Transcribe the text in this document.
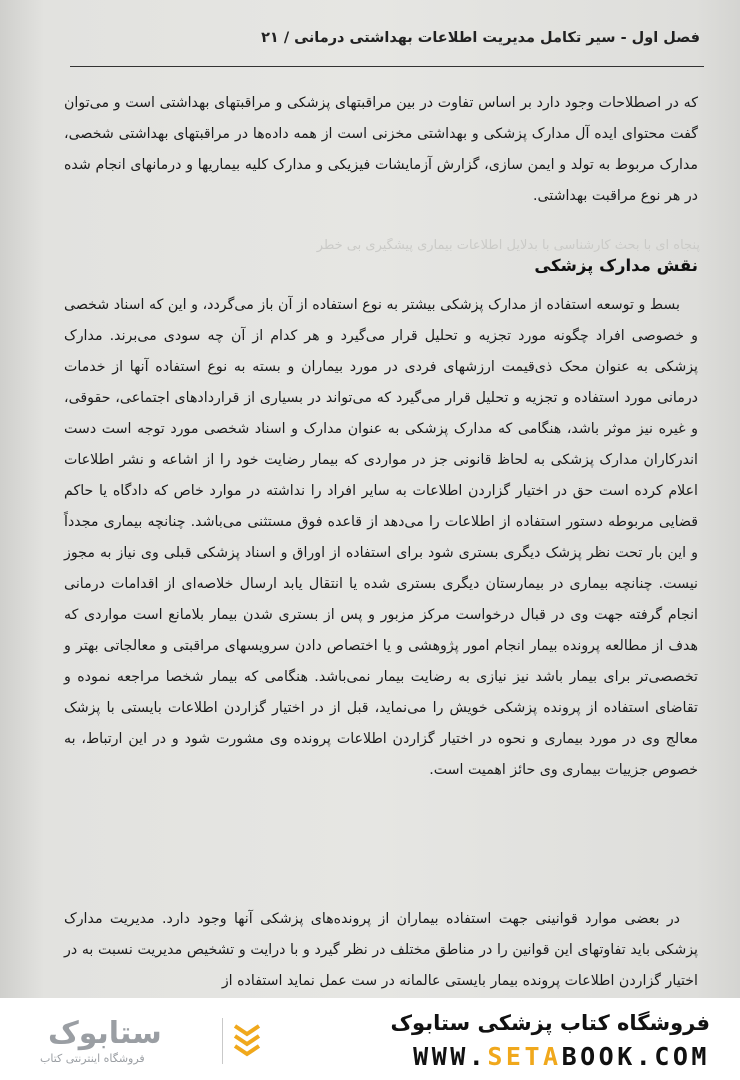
فصل اول - سیر تکامل مدیریت اطلاعات بهداشتی درمانی / ۲۱

که در اصطلاحات وجود دارد بر اساس تفاوت در بین مراقبتهای پزشکی و مراقبتهای بهداشتی است و می‌توان گفت محتوای ایده آل مدارک پزشکی و بهداشتی مخزنی است از همه داده‌ها در مراقبتهای بهداشتی شخصی، مدارک مربوط به تولد و ایمن سازی، گزارش آزمایشات فیزیکی و مدارک کلیه بیماریها و درمانهای انجام شده در هر نوع مراقبت بهداشتی.

پنجاه ‌ای با بحث ‌کارشناسی ‌با بدلایل اطلاعات ‌بیماری ‌پیشگیری ‌بی ‌خطر
نقش مدارک پزشکی

بسط و توسعه استفاده از مدارک پزشکی بیشتر به نوع استفاده از آن باز می‌گردد، و این که اسناد شخصی و خصوصی افراد چگونه مورد تجزیه و تحلیل قرار می‌گیرد و هر کدام از آن چه سودی می‌برند. مدارک پزشکی به عنوان محک ذی‌قیمت ارزشهای فردی در مورد بیماران و بسته به نوع استفاده آنها از خدمات درمانی مورد استفاده و تجزیه و تحلیل قرار می‌گیرد که می‌تواند در بسیاری از قراردادهای اجتماعی، حقوقی، و غیره نیز موثر باشد، هنگامی که مدارک پزشکی به عنوان مدارک و اسناد شخصی مورد توجه است دست اندرکاران مدارک پزشکی به لحاظ قانونی جز در مواردی که بیمار رضایت خود را از اشاعه و نشر اطلاعات اعلام کرده است حق در اختیار گزاردن اطلاعات به سایر افراد را نداشته در موارد خاص که دادگاه یا حاکم قضایی مربوطه دستور استفاده از اطلاعات را می‌دهد از قاعده فوق مستثنی می‌باشد. چنانچه بیماری مجدداً و این بار تحت نظر پزشک دیگری بستری شود برای استفاده از اوراق و اسناد پزشکی قبلی وی نیاز به مجوز نیست. چنانچه بیماری در بیمارستان دیگری بستری شده یا انتقال یابد ارسال خلاصه‌ای از اقدامات درمانی انجام گرفته جهت وی در قبال درخواست مرکز مزبور و پس از بستری شدن بیمار بلامانع است مواردی که هدف از مطالعه پرونده بیمار انجام امور پژوهشی و یا اختصاص دادن سرویسهای مراقبتی و معالجاتی بهتر و تخصصی‌تر برای بیمار باشد نیز نیازی به رضایت بیمار نمی‌باشد. هنگامی که بیمار شخصا مراجعه نموده و تقاضای استفاده از پرونده پزشکی خویش را می‌نماید، قبل از در اختیار گزاردن اطلاعات بایستی با پزشک معالج وی در مورد بیماری و نحوه در اختیار گزاردن اطلاعات پرونده وی مشورت شود و در این ارتباط، به خصوص جزییات بیماری وی حائز اهمیت است.

در بعضی موارد قوانینی جهت استفاده بیماران از پرونده‌های پزشکی آنها وجود دارد. مدیریت مدارک پزشکی باید تفاوتهای این قوانین را در مناطق مختلف در نظر گیرد و با درایت و تشخیص مدیریت نسبت به در اختیار گزاردن اطلاعات پرونده بیمار بایستی عالمانه در ست عمل نماید استفاده از

ستابوک
فروشگاه اینترنتی کتاب
فروشگاه کتاب پزشکی ستابوک
WWW.SETABOOK.COM
